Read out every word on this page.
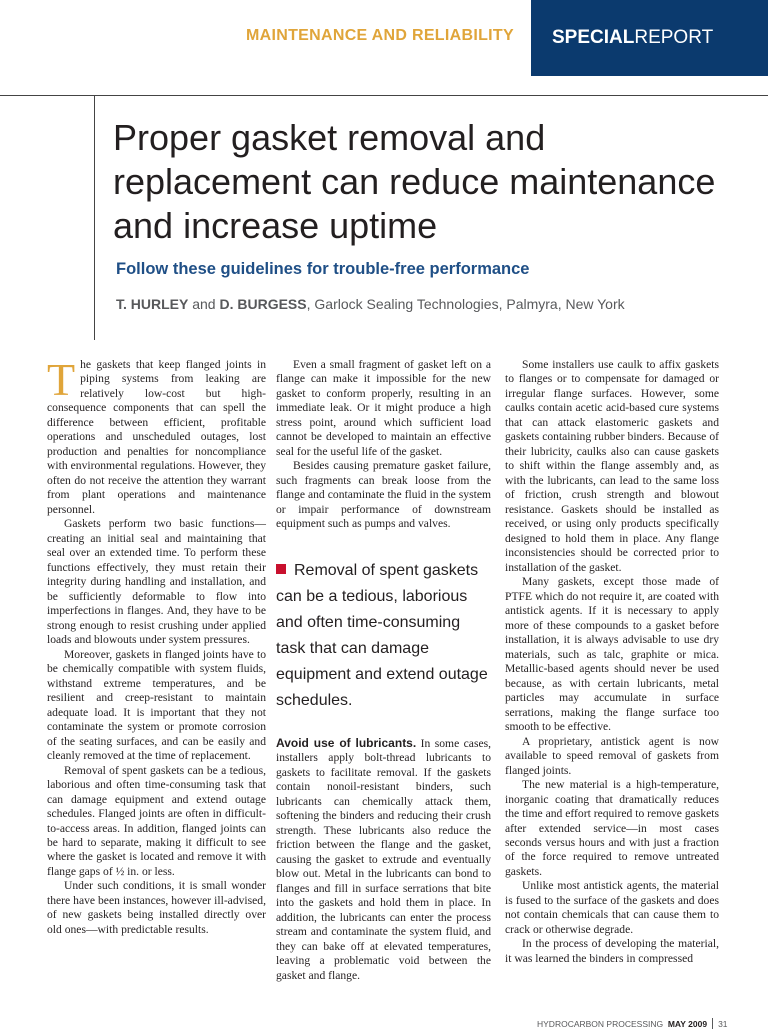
MAINTENANCE AND RELIABILITY SPECIALREPORT
Proper gasket removal and replacement can reduce maintenance and increase uptime
Follow these guidelines for trouble-free performance

T. HURLEY and D. BURGESS, Garlock Sealing Technologies, Palmyra, New York

The gaskets that keep flanged joints in piping systems from leaking are relatively low-cost but high-consequence components that can spell the difference between efficient, profitable operations and unscheduled outages, lost production and penalties for noncompliance with environmental regulations. However, they often do not receive the attention they warrant from plant operations and maintenance personnel.

Gaskets perform two basic functions—creating an initial seal and maintaining that seal over an extended time. To perform these functions effectively, they must retain their integrity during handling and installation, and be sufficiently deformable to flow into imperfections in flanges. And, they have to be strong enough to resist crushing under applied loads and blowouts under system pressures.

Moreover, gaskets in flanged joints have to be chemically compatible with system fluids, withstand extreme temperatures, and be resilient and creep-resistant to maintain adequate load. It is important that they not contaminate the system or promote corrosion of the seating surfaces, and can be easily and cleanly removed at the time of replacement.

Removal of spent gaskets can be a tedious, laborious and often time-consuming task that can damage equipment and extend outage schedules. Flanged joints are often in difficult-to-access areas. In addition, flanged joints can be hard to separate, making it difficult to see where the gasket is located and remove it with flange gaps of ½ in. or less.

Under such conditions, it is small wonder there have been instances, however ill-advised, of new gaskets being installed directly over old ones—with predictable results.

Even a small fragment of gasket left on a flange can make it impossible for the new gasket to conform properly, resulting in an immediate leak. Or it might produce a high stress point, around which sufficient load cannot be developed to maintain an effective seal for the useful life of the gasket.

Besides causing premature gasket failure, such fragments can break loose from the flange and contaminate the fluid in the system or impair performance of downstream equipment such as pumps and valves.

Removal of spent gaskets can be a tedious, laborious and often time-consuming task that can damage equipment and extend outage schedules.

Avoid use of lubricants. In some cases, installers apply bolt-thread lubricants to gaskets to facilitate removal. If the gaskets contain nonoil-resistant binders, such lubricants can chemically attack them, softening the binders and reducing their crush strength. These lubricants also reduce the friction between the flange and the gasket, causing the gasket to extrude and eventually blow out. Metal in the lubricants can bond to flanges and fill in surface serrations that bite into the gaskets and hold them in place. In addition, the lubricants can enter the process stream and contaminate the system fluid, and they can bake off at elevated temperatures, leaving a problematic void between the gasket and flange.

Some installers use caulk to affix gaskets to flanges or to compensate for damaged or irregular flange surfaces. However, some caulks contain acetic acid-based cure systems that can attack elastomeric gaskets and gaskets containing rubber binders. Because of their lubricity, caulks also can cause gaskets to shift within the flange assembly and, as with the lubricants, can lead to the same loss of friction, crush strength and blowout resistance. Gaskets should be installed as received, or using only products specifically designed to hold them in place. Any flange inconsistencies should be corrected prior to installation of the gasket.

Many gaskets, except those made of PTFE which do not require it, are coated with antistick agents. If it is necessary to apply more of these compounds to a gasket before installation, it is always advisable to use dry materials, such as talc, graphite or mica. Metallic-based agents should never be used because, as with certain lubricants, metal particles may accumulate in surface serrations, making the flange surface too smooth to be effective.

A proprietary, antistick agent is now available to speed removal of gaskets from flanged joints.

The new material is a high-temperature, inorganic coating that dramatically reduces the time and effort required to remove gaskets after extended service—in most cases seconds versus hours and with just a fraction of the force required to remove untreated gaskets.

Unlike most antistick agents, the material is fused to the surface of the gaskets and does not contain chemicals that can cause them to crack or otherwise degrade.

In the process of developing the material, it was learned the binders in compressed

HYDROCARBON PROCESSING MAY 2009 31
